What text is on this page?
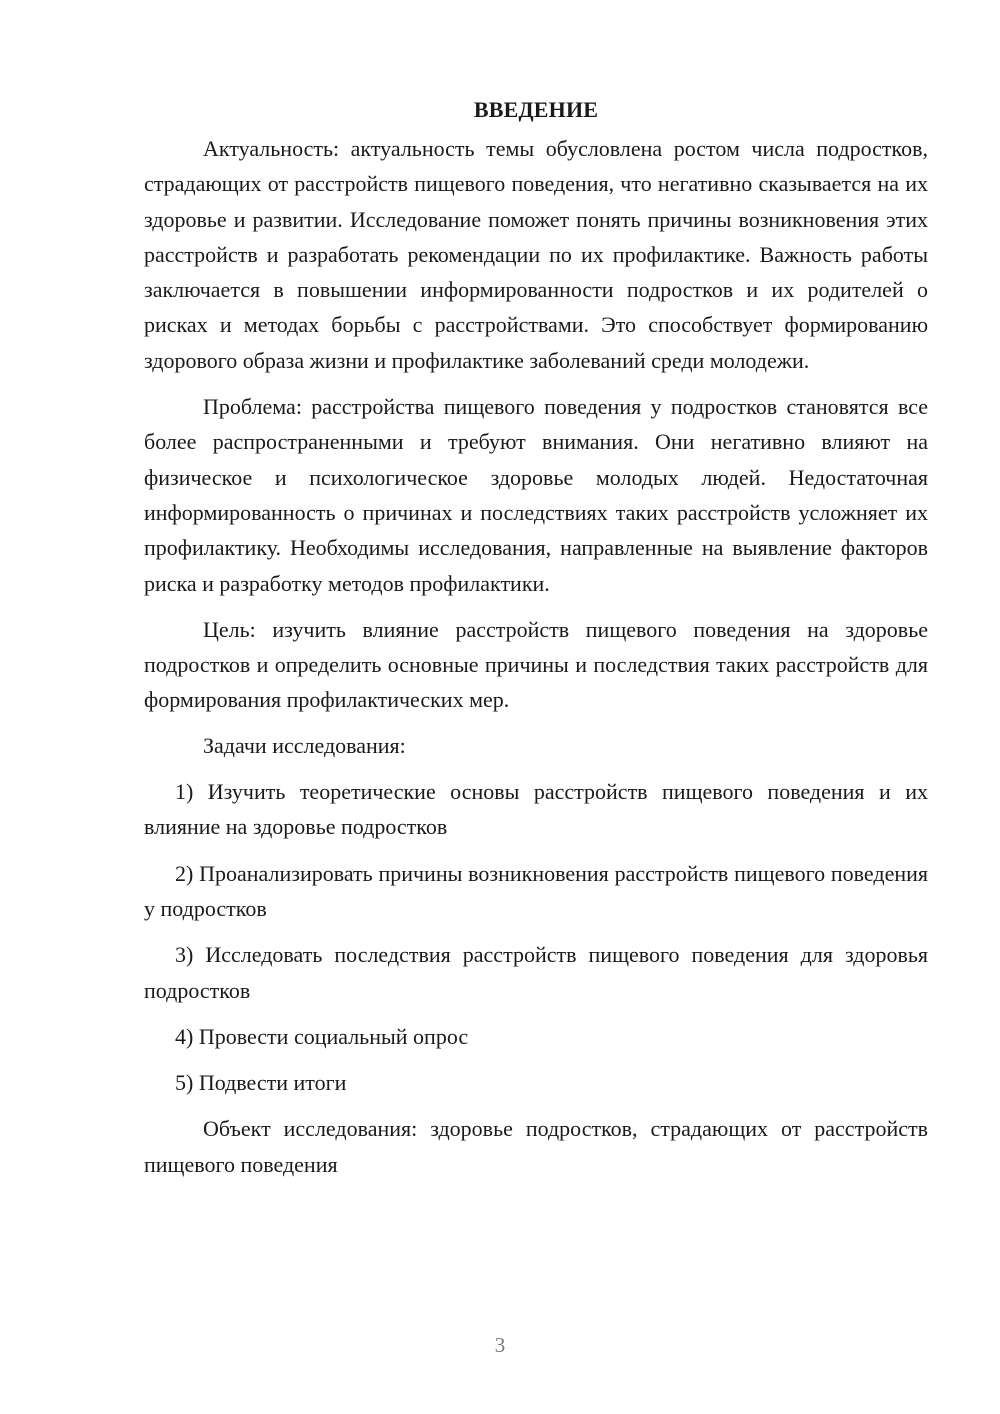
ВВЕДЕНИЕ

Актуальность: актуальность темы обусловлена ростом числа подростков, страдающих от расстройств пищевого поведения, что негативно сказывается на их здоровье и развитии. Исследование поможет понять причины возникновения этих расстройств и разработать рекомендации по их профилактике. Важность работы заключается в повышении информированности подростков и их родителей о рисках и методах борьбы с расстройствами. Это способствует формированию здорового образа жизни и профилактике заболеваний среди молодежи.

Проблема: расстройства пищевого поведения у подростков становятся все более распространенными и требуют внимания. Они негативно влияют на физическое и психологическое здоровье молодых людей. Недостаточная информированность о причинах и последствиях таких расстройств усложняет их профилактику. Необходимы исследования, направленные на выявление факторов риска и разработку методов профилактики.

Цель: изучить влияние расстройств пищевого поведения на здоровье подростков и определить основные причины и последствия таких расстройств для формирования профилактических мер.

Задачи исследования:

1) Изучить теоретические основы расстройств пищевого поведения и их влияние на здоровье подростков

2) Проанализировать причины возникновения расстройств пищевого поведения у подростков

3) Исследовать последствия расстройств пищевого поведения для здоровья подростков

4) Провести социальный опрос

5) Подвести итоги

Объект исследования: здоровье подростков, страдающих от расстройств пищевого поведения

3
